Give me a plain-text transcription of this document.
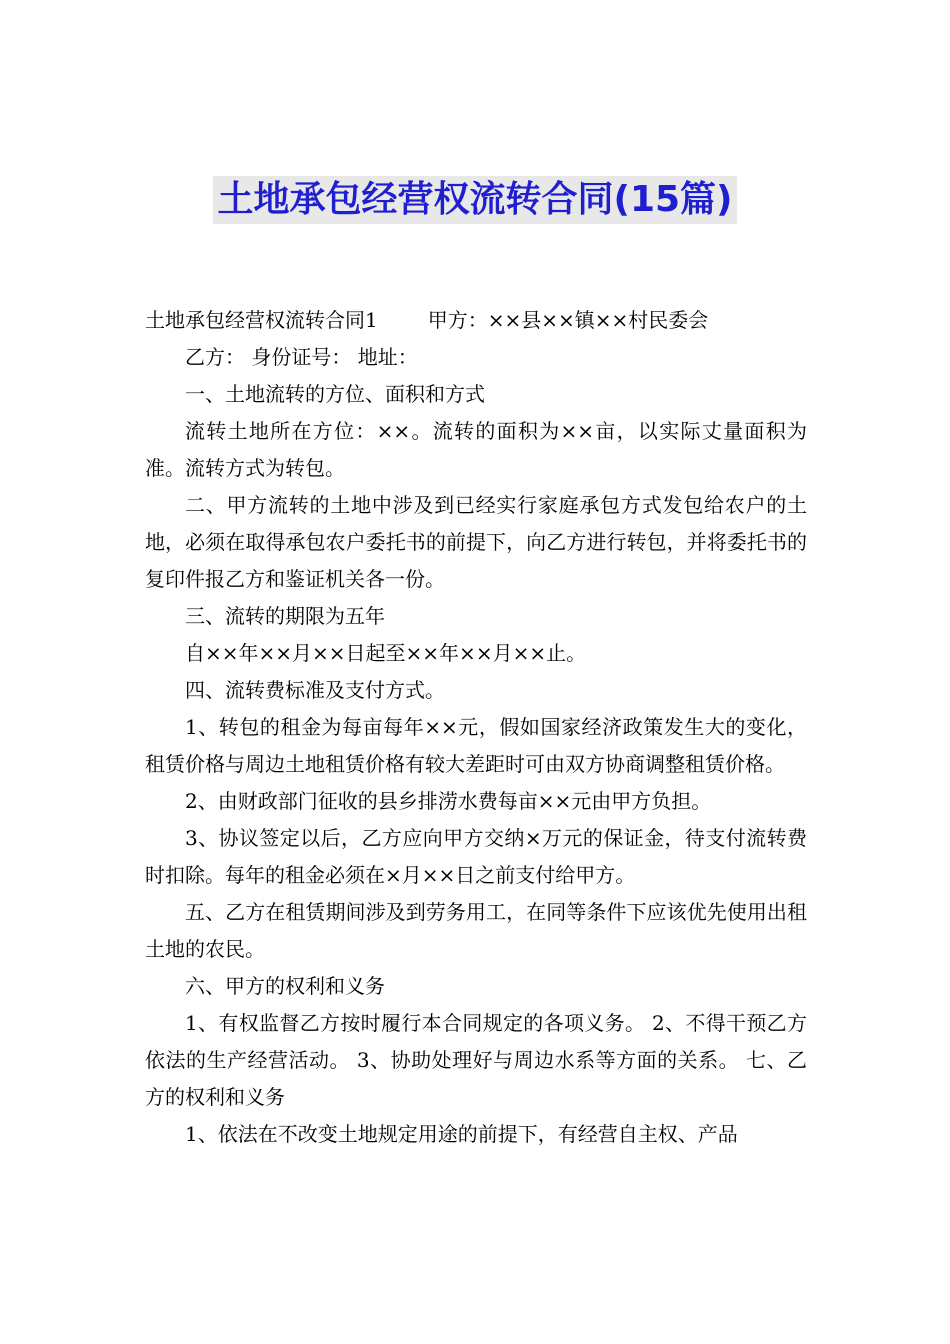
土地承包经营权流转合同(15篇)

土地承包经营权流转合同1	甲方：××县××镇××村民委会

乙方： 身份证号： 地址：

一、土地流转的方位、面积和方式

流转土地所在方位：××。流转的面积为××亩，以实际丈量面积为准。流转方式为转包。

二、甲方流转的土地中涉及到已经实行家庭承包方式发包给农户的土地，必须在取得承包农户委托书的前提下，向乙方进行转包，并将委托书的复印件报乙方和鉴证机关各一份。

三、流转的期限为五年

自××年××月××日起至××年××月××止。

四、流转费标准及支付方式。

1、转包的租金为每亩每年××元，假如国家经济政策发生大的变化，租赁价格与周边土地租赁价格有较大差距时可由双方协商调整租赁价格。

2、由财政部门征收的县乡排涝水费每亩××元由甲方负担。

3、协议签定以后，乙方应向甲方交纳×万元的保证金，待支付流转费时扣除。每年的租金必须在×月××日之前支付给甲方。

五、乙方在租赁期间涉及到劳务用工，在同等条件下应该优先使用出租土地的农民。

六、甲方的权利和义务

1、有权监督乙方按时履行本合同规定的各项义务。 2、不得干预乙方依法的生产经营活动。 3、协助处理好与周边水系等方面的关系。 七、乙方的权利和义务

1、依法在不改变土地规定用途的前提下，有经营自主权、产品
